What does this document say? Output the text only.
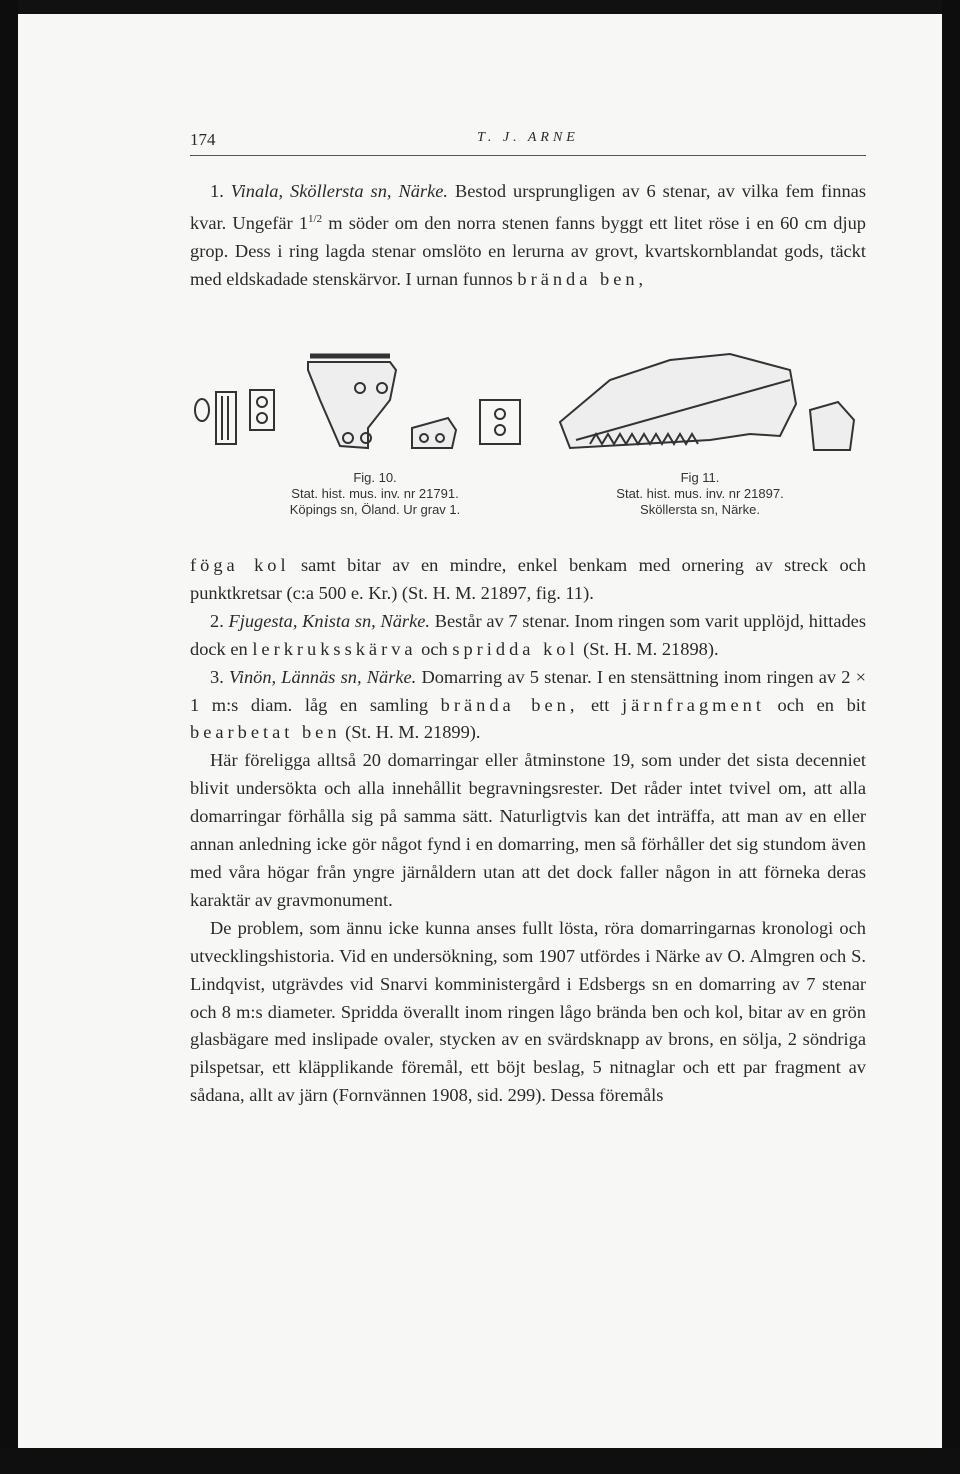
174	T. J. ARNE

1. Vinala, Sköllersta sn, Närke. Bestod ursprungligen av 6 stenar, av vilka fem finnas kvar. Ungefär $1^{1/2}$ m söder om den norra stenen fanns byggt ett litet röse i en 60 cm djup grop. Dess i ring lagda stenar omslöto en lerurna av grovt, kvartskornblandat gods, täckt med eldskadade stenskärvor. I urnan funnos brända ben,

Fig. 10.
Stat. hist. mus. inv. nr 21791.
Köpings sn, Öland. Ur grav 1.
Fig 11.
Stat. hist. mus. inv. nr 21897.
Sköllersta sn, Närke.

föga kol samt bitar av en mindre, enkel benkam med ornering av streck och punktkretsar (c:a 500 e. Kr.) (St. H. M. 21897, fig. 11).

2. Fjugesta, Knista sn, Närke. Består av 7 stenar. Inom ringen som varit upplöjd, hittades dock en lerkruksskärva och spridda kol (St. H. M. 21898).

3. Vinön, Lännäs sn, Närke. Domarring av 5 stenar. I en stensättning inom ringen av 2 × 1 m:s diam. låg en samling brända ben, ett järnfragment och en bit bearbetat ben (St. H. M. 21899).

Här föreligga alltså 20 domarringar eller åtminstone 19, som under det sista decenniet blivit undersökta och alla innehållit begravningsrester. Det råder intet tvivel om, att alla domarringar förhålla sig på samma sätt. Naturligtvis kan det inträffa, att man av en eller annan anledning icke gör något fynd i en domarring, men så förhåller det sig stundom även med våra högar från yngre järnåldern utan att det dock faller någon in att förneka deras karaktär av gravmonument.

De problem, som ännu icke kunna anses fullt lösta, röra domarringarnas kronologi och utvecklingshistoria. Vid en undersökning, som 1907 utfördes i Närke av O. Almgren och S. Lindqvist, utgrävdes vid Snarvi komministergård i Edsbergs sn en domarring av 7 stenar och 8 m:s diameter. Spridda överallt inom ringen lågo brända ben och kol, bitar av en grön glasbägare med inslipade ovaler, stycken av en svärdsknapp av brons, en sölja, 2 söndriga pilspetsar, ett kläpplikande föremål, ett böjt beslag, 5 nitnaglar och ett par fragment av sådana, allt av järn (Fornvännen 1908, sid. 299). Dessa föremåls
